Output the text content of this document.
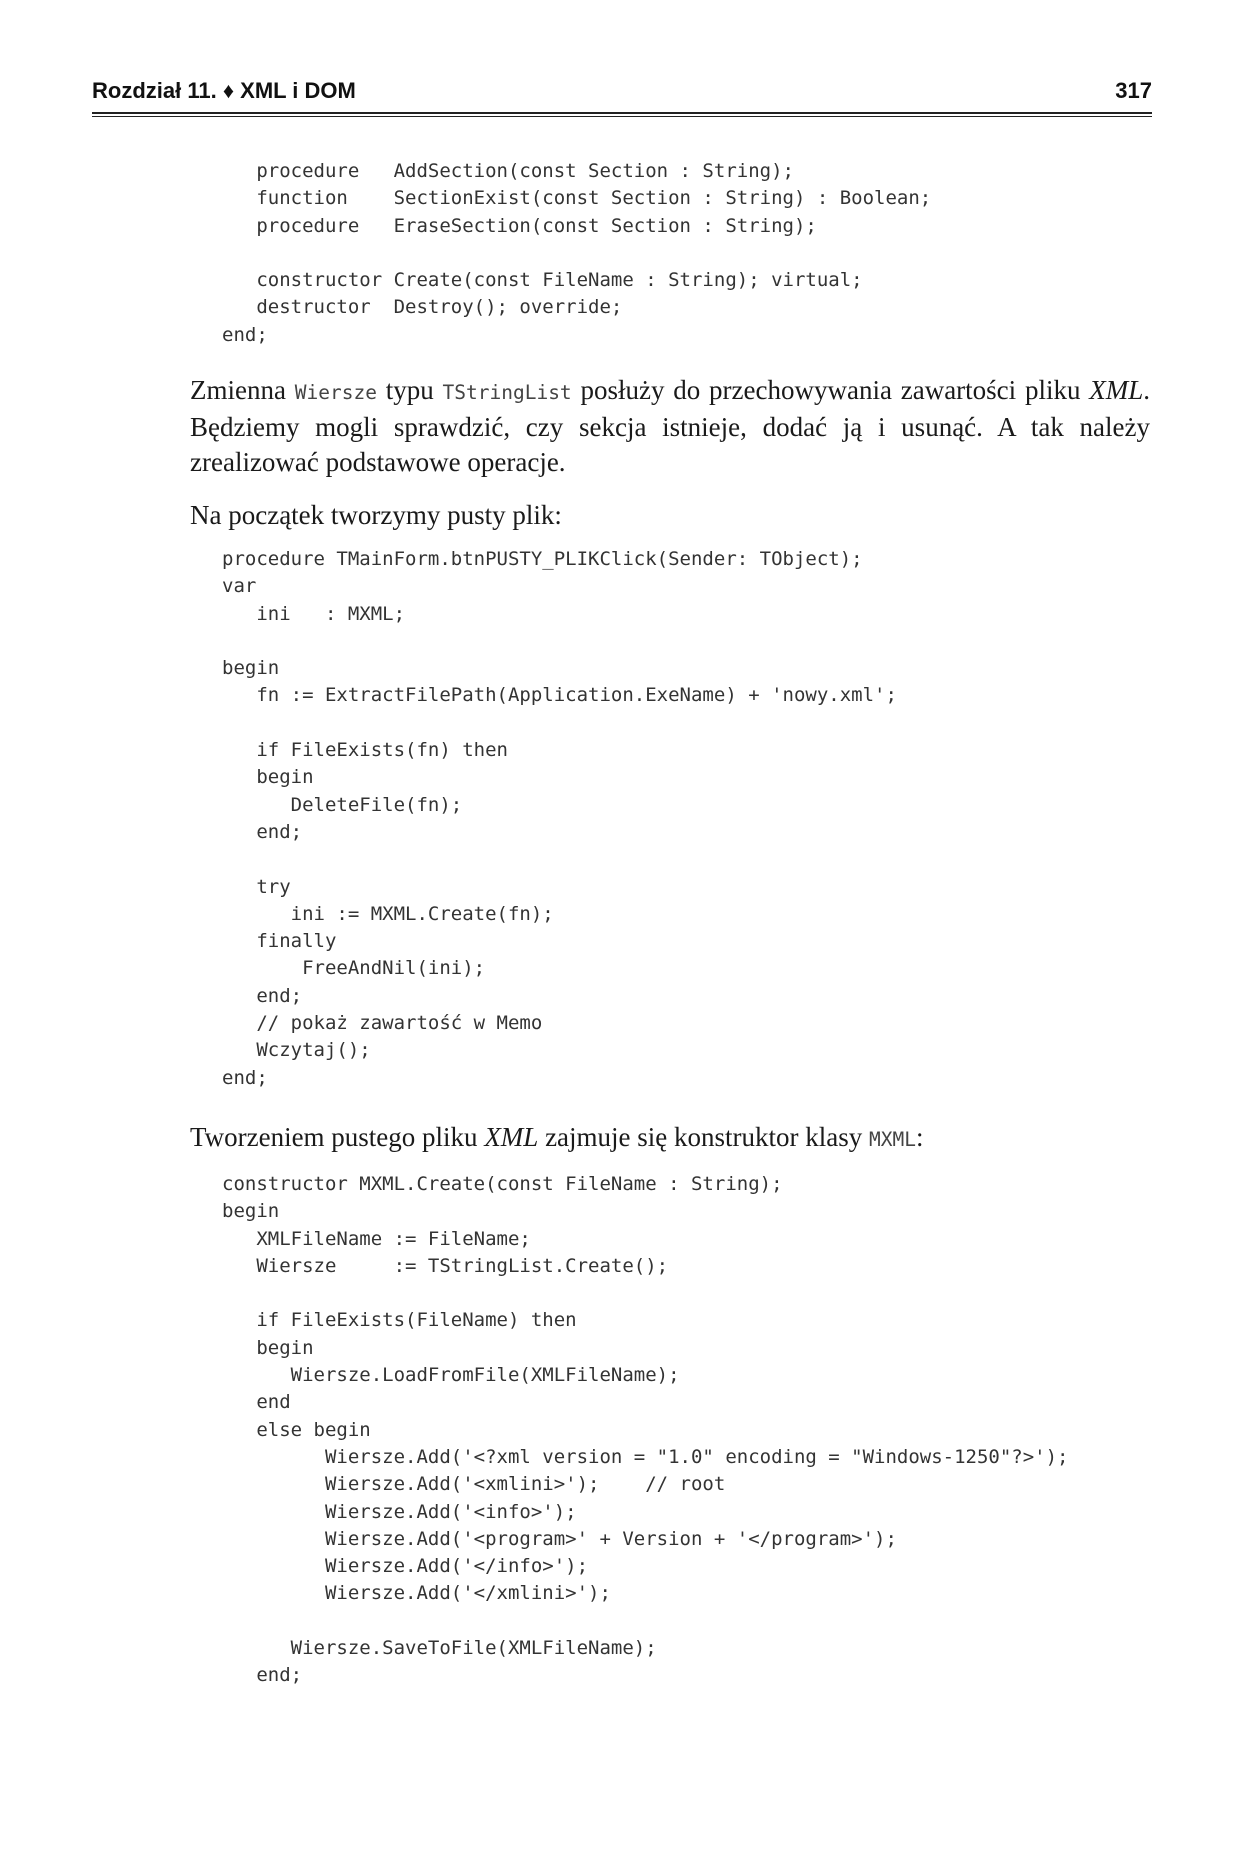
Rozdział 11. ♦ XML i DOM	317
procedure   AddSection(const Section : String);
function    SectionExist(const Section : String) : Boolean;
procedure   EraseSection(const Section : String);

constructor Create(const FileName : String); virtual;
destructor  Destroy(); override;
end;

Zmienna Wiersze typu TStringList posłuży do przechowywania zawartości pliku XML. Będziemy mogli sprawdzić, czy sekcja istnieje, dodać ją i usunąć. A tak należy zrealizować podstawowe operacje.

Na początek tworzymy pusty plik:

procedure TMainForm.btnPUSTY_PLIKClick(Sender: TObject);
var
ini   : MXML;

begin
fn := ExtractFilePath(Application.ExeName) + 'nowy.xml';

if FileExists(fn) then
begin
DeleteFile(fn);
end;

try
ini := MXML.Create(fn);
finally
FreeAndNil(ini);
end;
// pokaż zawartość w Memo
Wczytaj();
end;

Tworzeniem pustego pliku XML zajmuje się konstruktor klasy MXML:

constructor MXML.Create(const FileName : String);
begin
XMLFileName := FileName;
Wiersze     := TStringList.Create();

if FileExists(FileName) then
begin
Wiersze.LoadFromFile(XMLFileName);
end
else begin
Wiersze.Add('<?xml version = "1.0" encoding = "Windows-1250"?>');
Wiersze.Add('<xmlini>');    // root
Wiersze.Add('<info>');
Wiersze.Add('<program>' + Version + '</program>');
Wiersze.Add('</info>');
Wiersze.Add('</xmlini>');

Wiersze.SaveToFile(XMLFileName);
end;
